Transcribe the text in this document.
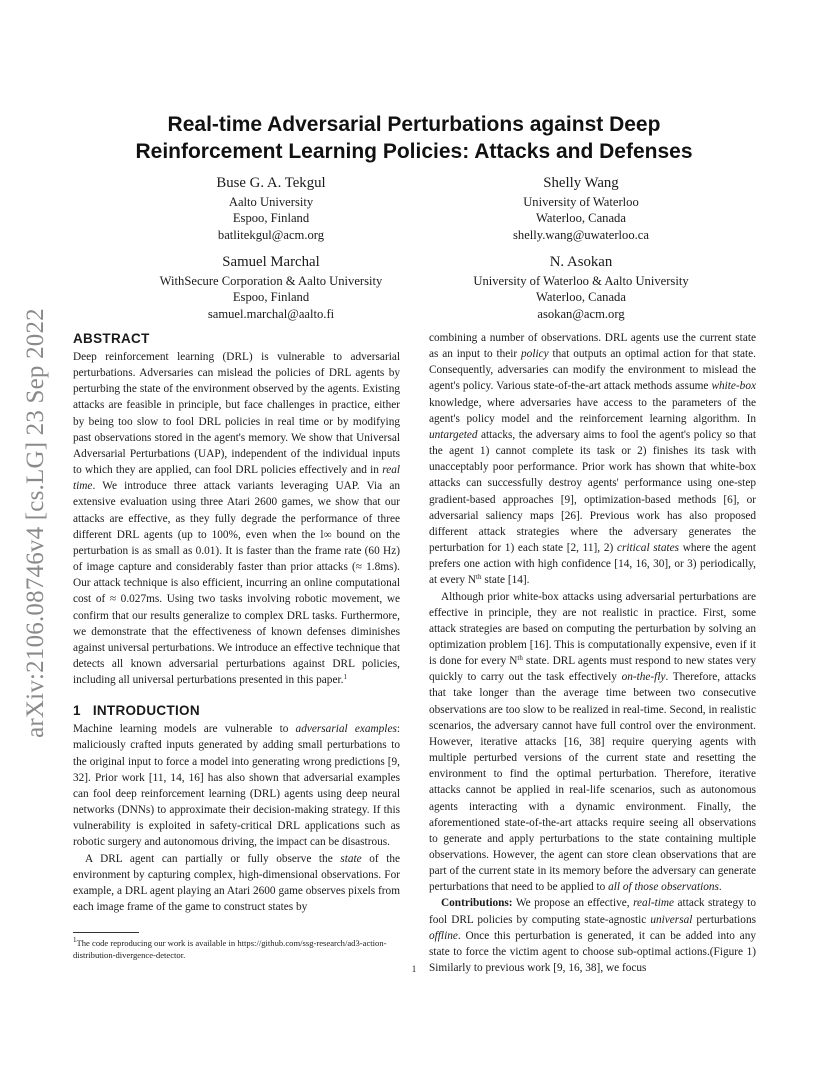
arXiv:2106.08746v4 [cs.LG] 23 Sep 2022
Real-time Adversarial Perturbations against Deep
Reinforcement Learning Policies: Attacks and Defenses
Buse G. A. Tekgul
Aalto University
Espoo, Finland
batlitekgul@acm.org
Shelly Wang
University of Waterloo
Waterloo, Canada
shelly.wang@uwaterloo.ca
Samuel Marchal
WithSecure Corporation & Aalto University
Espoo, Finland
samuel.marchal@aalto.fi
N. Asokan
University of Waterloo & Aalto University
Waterloo, Canada
asokan@acm.org
ABSTRACT

Deep reinforcement learning (DRL) is vulnerable to adversarial perturbations. Adversaries can mislead the policies of DRL agents by perturbing the state of the environment observed by the agents. Existing attacks are feasible in principle, but face challenges in practice, either by being too slow to fool DRL policies in real time or by modifying past observations stored in the agent's memory. We show that Universal Adversarial Perturbations (UAP), independent of the individual inputs to which they are applied, can fool DRL policies effectively and in real time. We introduce three attack variants leveraging UAP. Via an extensive evaluation using three Atari 2600 games, we show that our attacks are effective, as they fully degrade the performance of three different DRL agents (up to 100%, even when the l∞ bound on the perturbation is as small as 0.01). It is faster than the frame rate (60 Hz) of image capture and considerably faster than prior attacks (≈ 1.8ms). Our attack technique is also efficient, incurring an online computational cost of ≈ 0.027ms. Using two tasks involving robotic movement, we confirm that our results generalize to complex DRL tasks. Furthermore, we demonstrate that the effectiveness of known defenses diminishes against universal perturbations. We introduce an effective technique that detects all known adversarial perturbations against DRL policies, including all universal perturbations presented in this paper.$^1$

1 INTRODUCTION

Machine learning models are vulnerable to adversarial examples: maliciously crafted inputs generated by adding small perturbations to the original input to force a model into generating wrong predictions [9, 32]. Prior work [11, 14, 16] has also shown that adversarial examples can fool deep reinforcement learning (DRL) agents using deep neural networks (DNNs) to approximate their decision-making strategy. If this vulnerability is exploited in safety-critical DRL applications such as robotic surgery and autonomous driving, the impact can be disastrous.

A DRL agent can partially or fully observe the state of the environment by capturing complex, high-dimensional observations. For example, a DRL agent playing an Atari 2600 game observes pixels from each image frame of the game to construct states by

combining a number of observations. DRL agents use the current state as an input to their policy that outputs an optimal action for that state. Consequently, adversaries can modify the environment to mislead the agent's policy. Various state-of-the-art attack methods assume white-box knowledge, where adversaries have access to the parameters of the agent's policy model and the reinforcement learning algorithm. In untargeted attacks, the adversary aims to fool the agent's policy so that the agent 1) cannot complete its task or 2) finishes its task with unacceptably poor performance. Prior work has shown that white-box attacks can successfully destroy agents' performance using one-step gradient-based approaches [9], optimization-based methods [6], or adversarial saliency maps [26]. Previous work has also proposed different attack strategies where the adversary generates the perturbation for 1) each state [2, 11], 2) critical states where the agent prefers one action with high confidence [14, 16, 30], or 3) periodically, at every $N^{th}$ state [14].

Although prior white-box attacks using adversarial perturbations are effective in principle, they are not realistic in practice. First, some attack strategies are based on computing the perturbation by solving an optimization problem [16]. This is computationally expensive, even if it is done for every $N^{th}$ state. DRL agents must respond to new states very quickly to carry out the task effectively on-the-fly. Therefore, attacks that take longer than the average time between two consecutive observations are too slow to be realized in real-time. Second, in realistic scenarios, the adversary cannot have full control over the environment. However, iterative attacks [16, 38] require querying agents with multiple perturbed versions of the current state and resetting the environment to find the optimal perturbation. Therefore, iterative attacks cannot be applied in real-life scenarios, such as autonomous agents interacting with a dynamic environment. Finally, the aforementioned state-of-the-art attacks require seeing all observations to generate and apply perturbations to the state containing multiple observations. However, the agent can store clean observations that are part of the current state in its memory before the adversary can generate perturbations that need to be applied to all of those observations.

Contributions: We propose an effective, real-time attack strategy to fool DRL policies by computing state-agnostic universal perturbations offline. Once this perturbation is generated, it can be added into any state to force the victim agent to choose sub-optimal actions.(Figure 1) Similarly to previous work [9, 16, 38], we focus

$^1$The code reproducing our work is available in https://github.com/ssg-research/ad3-action-distribution-divergence-detector.
1
